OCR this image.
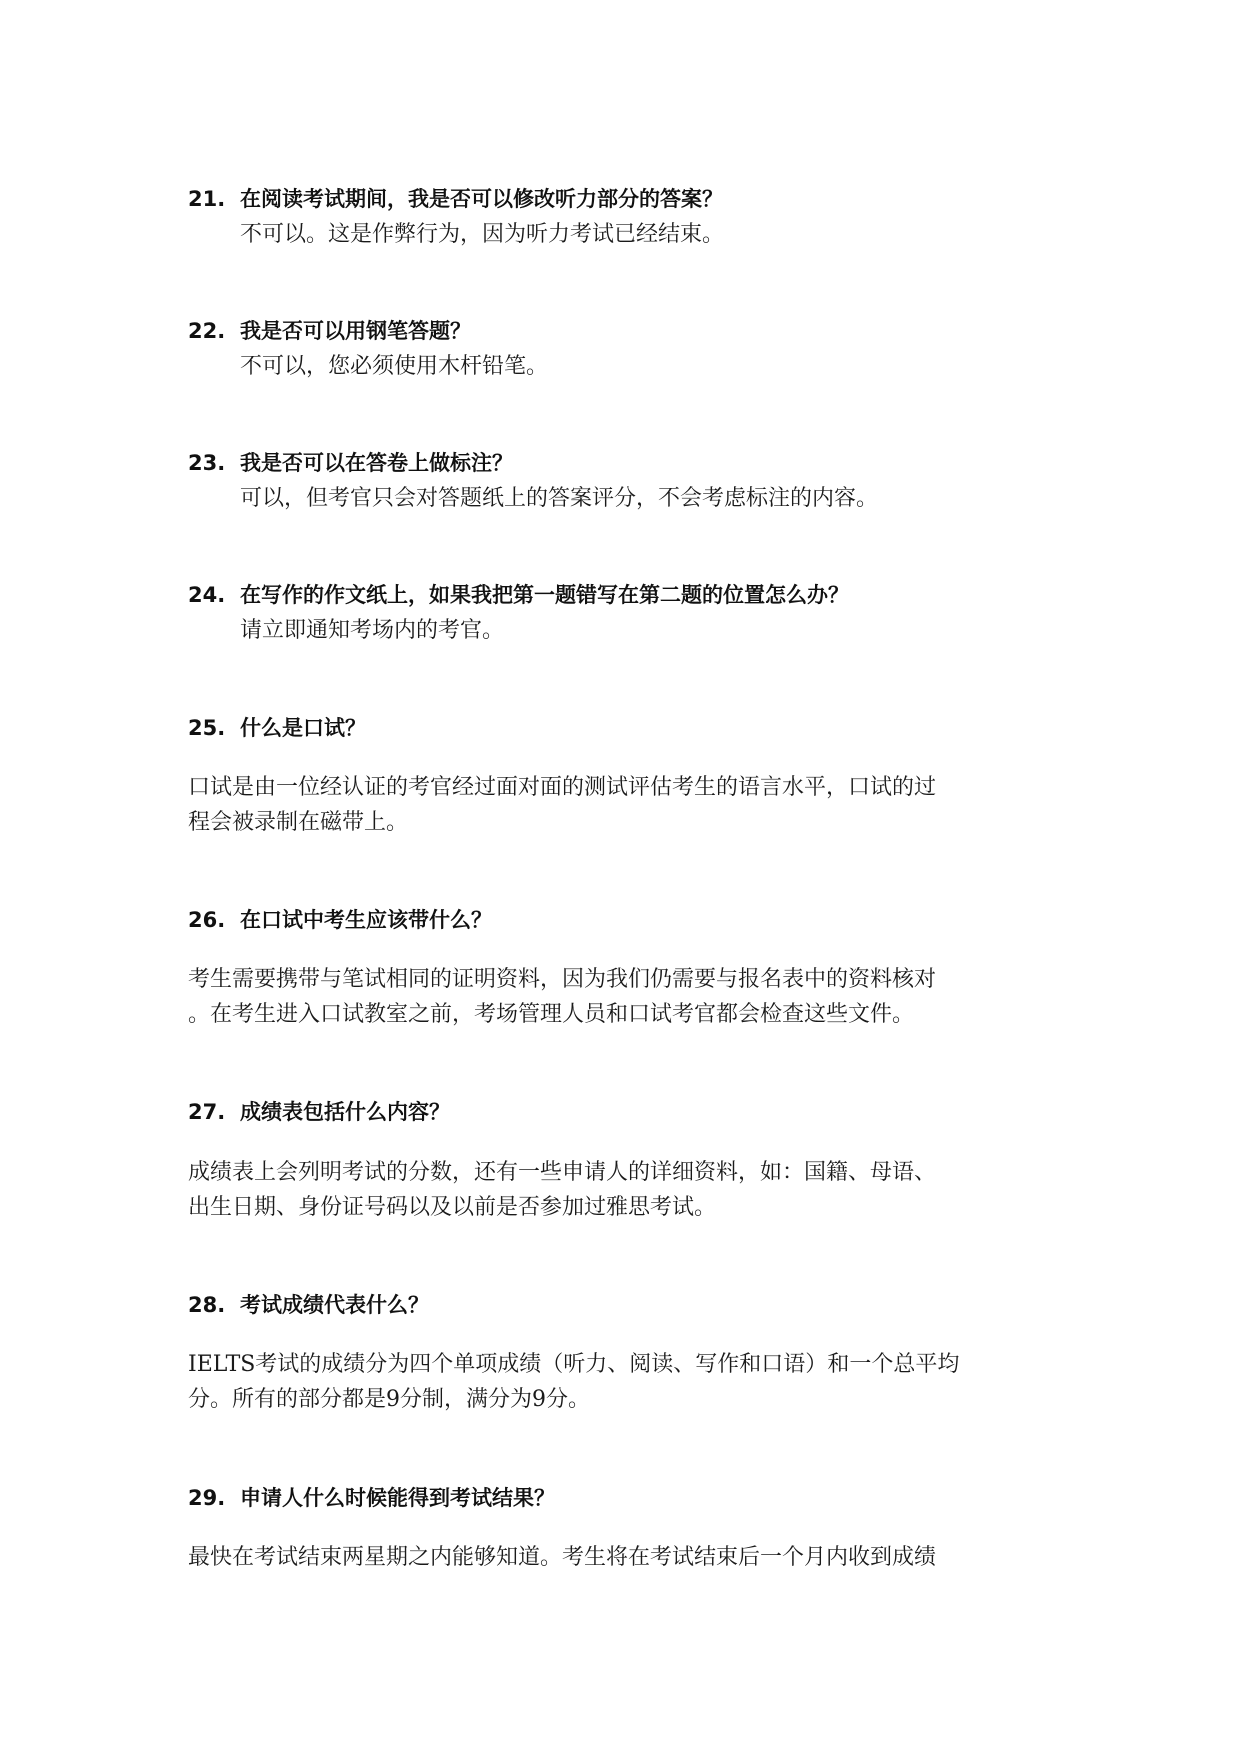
21. 在阅读考试期间，我是否可以修改听力部分的答案？
不可以。这是作弊行为，因为听力考试已经结束。
22. 我是否可以用钢笔答题？
不可以，您必须使用木杆铅笔。
23. 我是否可以在答卷上做标注？
可以，但考官只会对答题纸上的答案评分，不会考虑标注的内容。
24. 在写作的作文纸上，如果我把第一题错写在第二题的位置怎么办？
请立即通知考场内的考官。
25. 什么是口试？
口试是由一位经认证的考官经过面对面的测试评估考生的语言水平，口试的过
程会被录制在磁带上。
26. 在口试中考生应该带什么？
考生需要携带与笔试相同的证明资料，因为我们仍需要与报名表中的资料核对
。在考生进入口试教室之前，考场管理人员和口试考官都会检查这些文件。
27. 成绩表包括什么内容？
成绩表上会列明考试的分数，还有一些申请人的详细资料，如：国籍、母语、
出生日期、身份证号码以及以前是否参加过雅思考试。
28. 考试成绩代表什么？
IELTS考试的成绩分为四个单项成绩（听力、阅读、写作和口语）和一个总平均
分。所有的部分都是9分制，满分为9分。
29. 申请人什么时候能得到考试结果？
最快在考试结束两星期之内能够知道。考生将在考试结束后一个月内收到成绩
